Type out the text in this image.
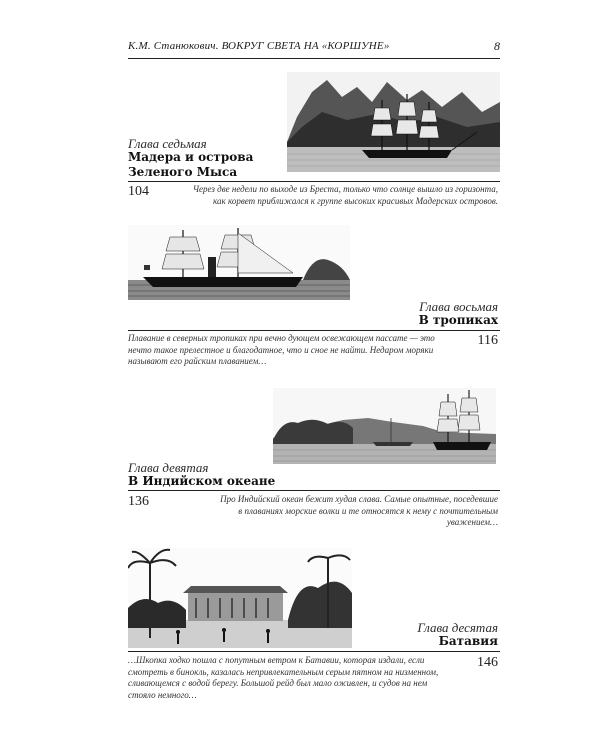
К.М. Станюкович. ВОКРУГ СВЕТА НА «КОРШУНЕ»	8
Глава седьмая
Мадера и острова
Зеленого Мыса
104	Через две недели по выходе из Бреста, только что солнце вышло из горизонта, как корвет приближался к группе высоких красивых Мадерских островов.
Глава восьмая
В тропиках
Плавание в северных тропиках при вечно дующем освежающем пассате — это нечто такое прелестное и благодатное, что и сное не найти. Недаром моряки называют его райским плаванием…
116
Глава девятая
В Индийском океане
136	Про Индийский океан бежит худая слава. Самые опытные, поседевшие в плаваниях морские волки и те относятся к нему с почтительным уважением…
Глава десятая
Батавия
…Шкопка ходко пошла с попутным ветром к Батавии, которая издали, если смотреть в бинокль, казалась непривлекательным серым пятном на низменном, сливающемся с водой берегу. Большой рейд был мало оживлен, и судов на нем стояло немного…
146
